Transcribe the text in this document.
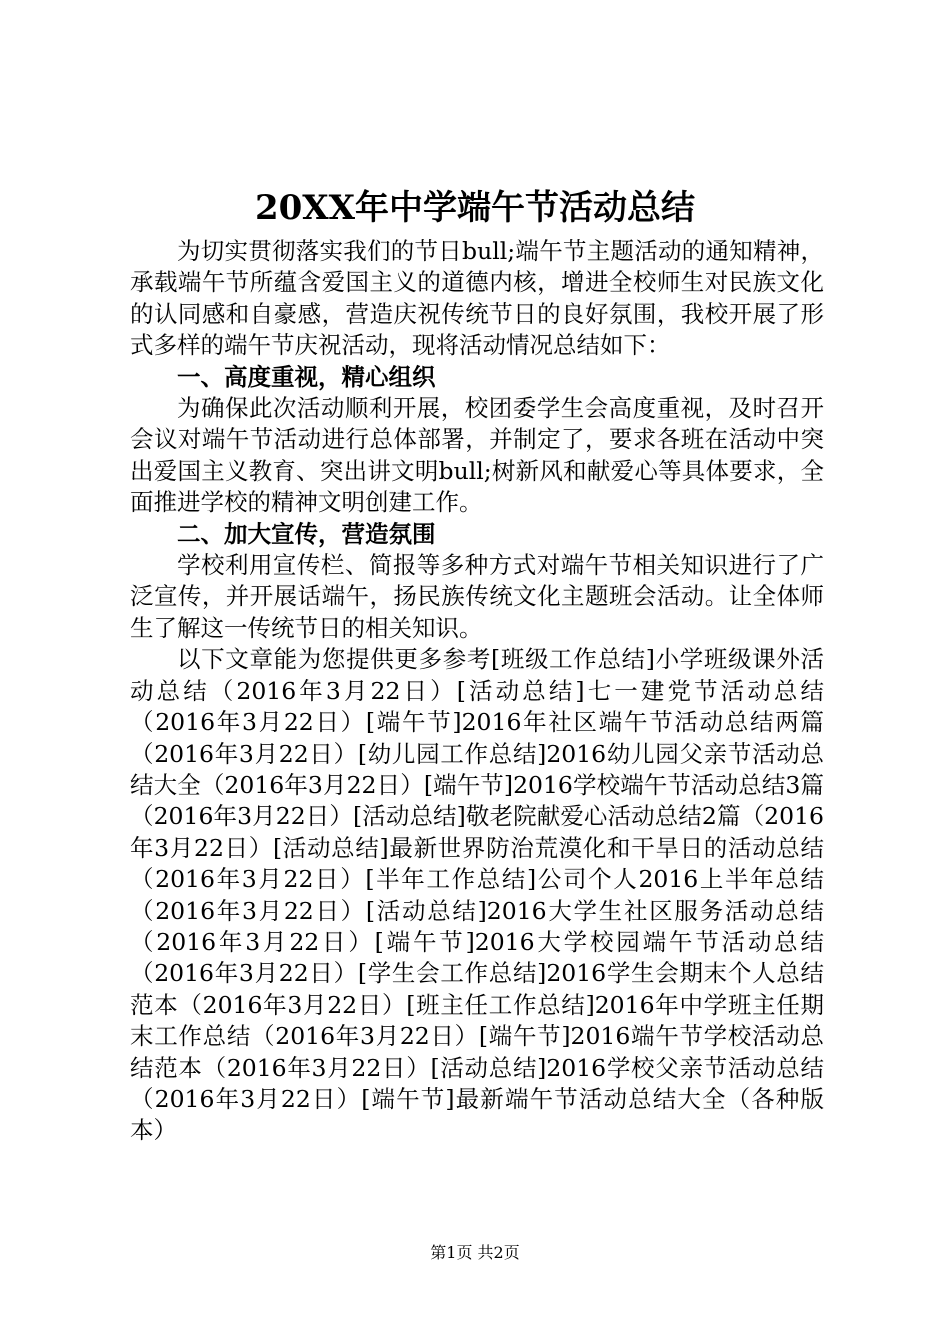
20XX年中学端午节活动总结

为切实贯彻落实我们的节日bull;端午节主题活动的通知精神，承载端午节所蕴含爱国主义的道德内核，增进全校师生对民族文化的认同感和自豪感，营造庆祝传统节日的良好氛围，我校开展了形式多样的端午节庆祝活动，现将活动情况总结如下：

一、高度重视，精心组织

为确保此次活动顺利开展，校团委学生会高度重视，及时召开会议对端午节活动进行总体部署，并制定了，要求各班在活动中突出爱国主义教育、突出讲文明bull;树新风和献爱心等具体要求，全面推进学校的精神文明创建工作。

二、加大宣传，营造氛围

学校利用宣传栏、简报等多种方式对端午节相关知识进行了广泛宣传，并开展话端午，扬民族传统文化主题班会活动。让全体师生了解这一传统节日的相关知识。

以下文章能为您提供更多参考[班级工作总结]小学班级课外活动总结（2016年3月22日）[活动总结]七一建党节活动总结（2016年3月22日）[端午节]2016年社区端午节活动总结两篇（2016年3月22日）[幼儿园工作总结]2016幼儿园父亲节活动总结大全（2016年3月22日）[端午节]2016学校端午节活动总结3篇（2016年3月22日）[活动总结]敬老院献爱心活动总结2篇（2016年3月22日）[活动总结]最新世界防治荒漠化和干旱日的活动总结（2016年3月22日）[半年工作总结]公司个人2016上半年总结（2016年3月22日）[活动总结]2016大学生社区服务活动总结（2016年3月22日）[端午节]2016大学校园端午节活动总结（2016年3月22日）[学生会工作总结]2016学生会期末个人总结范本（2016年3月22日）[班主任工作总结]2016年中学班主任期末工作总结（2016年3月22日）[端午节]2016端午节学校活动总结范本（2016年3月22日）[活动总结]2016学校父亲节活动总结（2016年3月22日）[端午节]最新端午节活动总结大全（各种版本）

第1页 共2页
